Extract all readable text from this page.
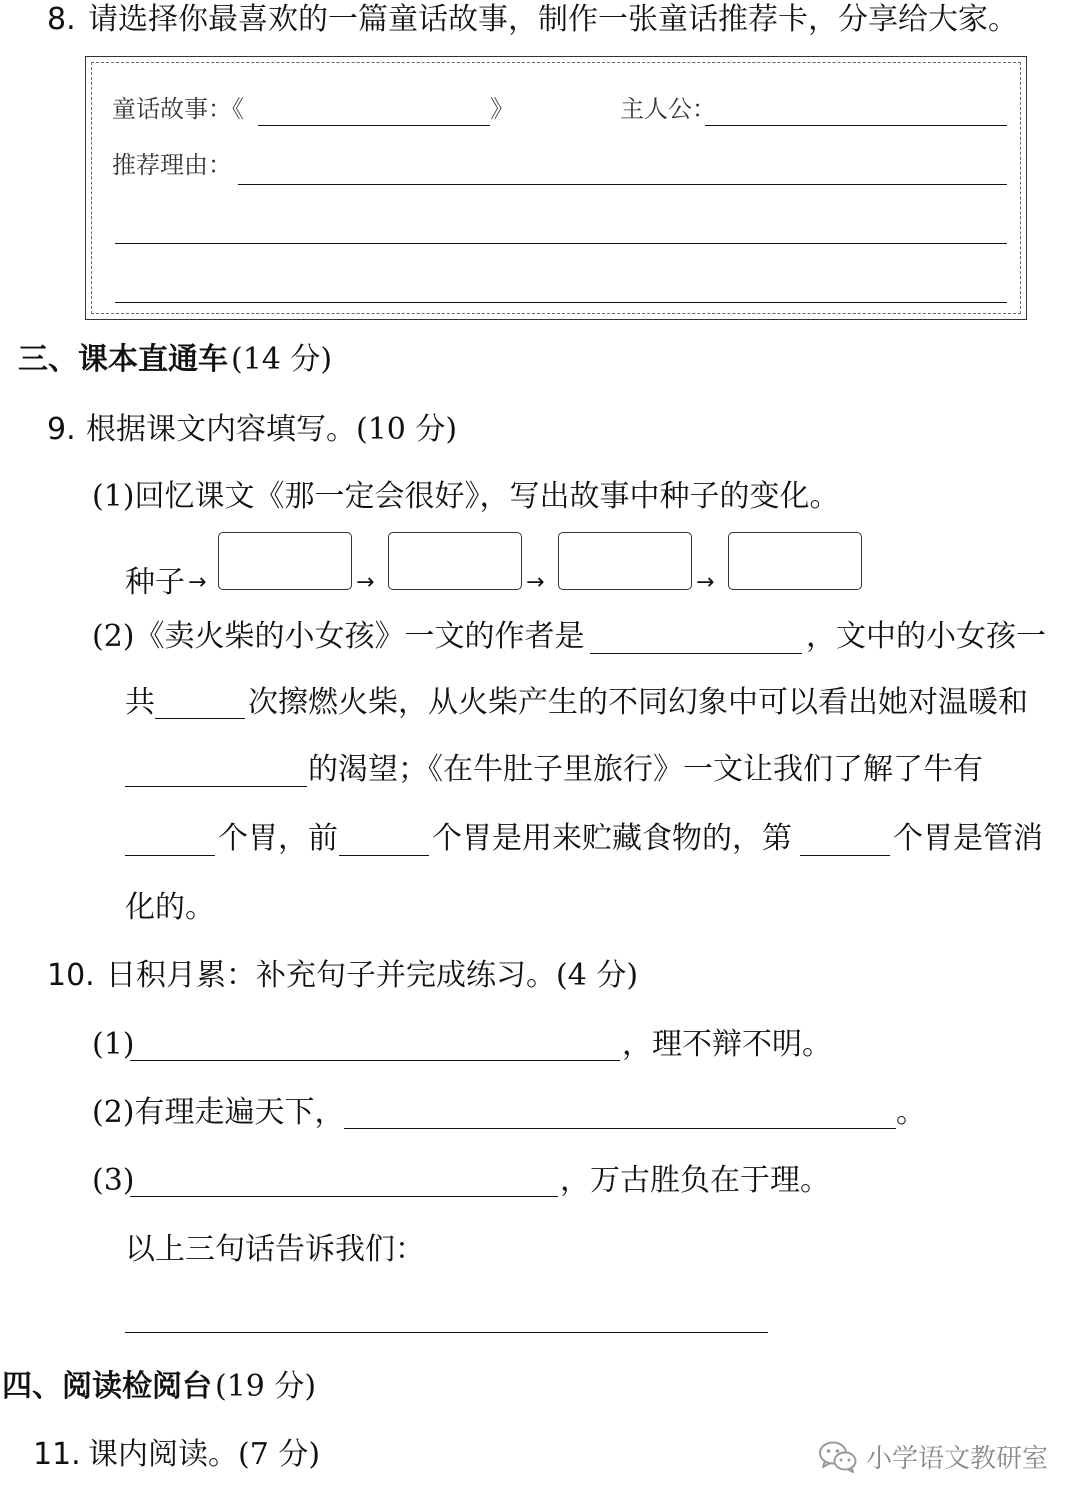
8. 请选择你最喜欢的一篇童话故事，制作一张童话推荐卡，分享给大家。
童话故事：《	》	主人公：
推荐理由：
三、课本直通车 (14 分)
9. 根据课文内容填写。(10 分)
(1)回忆课文《那一定会很好》，写出故事中种子的变化。
种子 →	→	→	→
(2)《卖火柴的小女孩》一文的作者是	，文中的小女孩一
共	次擦燃火柴，从火柴产生的不同幻象中可以看出她对温暖和
的渴望；《在牛肚子里旅行》一文让我们了解了牛有
个胃，前	个胃是用来贮藏食物的，第	个胃是管消
化的。
10. 日积月累：补充句子并完成练习。(4 分)
(1)	，理不辩不明。
(2)有理走遍天下，	。
(3)	，万古胜负在于理。
以上三句话告诉我们：
四、阅读检阅台 (19 分)
11. 课内阅读。(7 分)	小学语文教研室
